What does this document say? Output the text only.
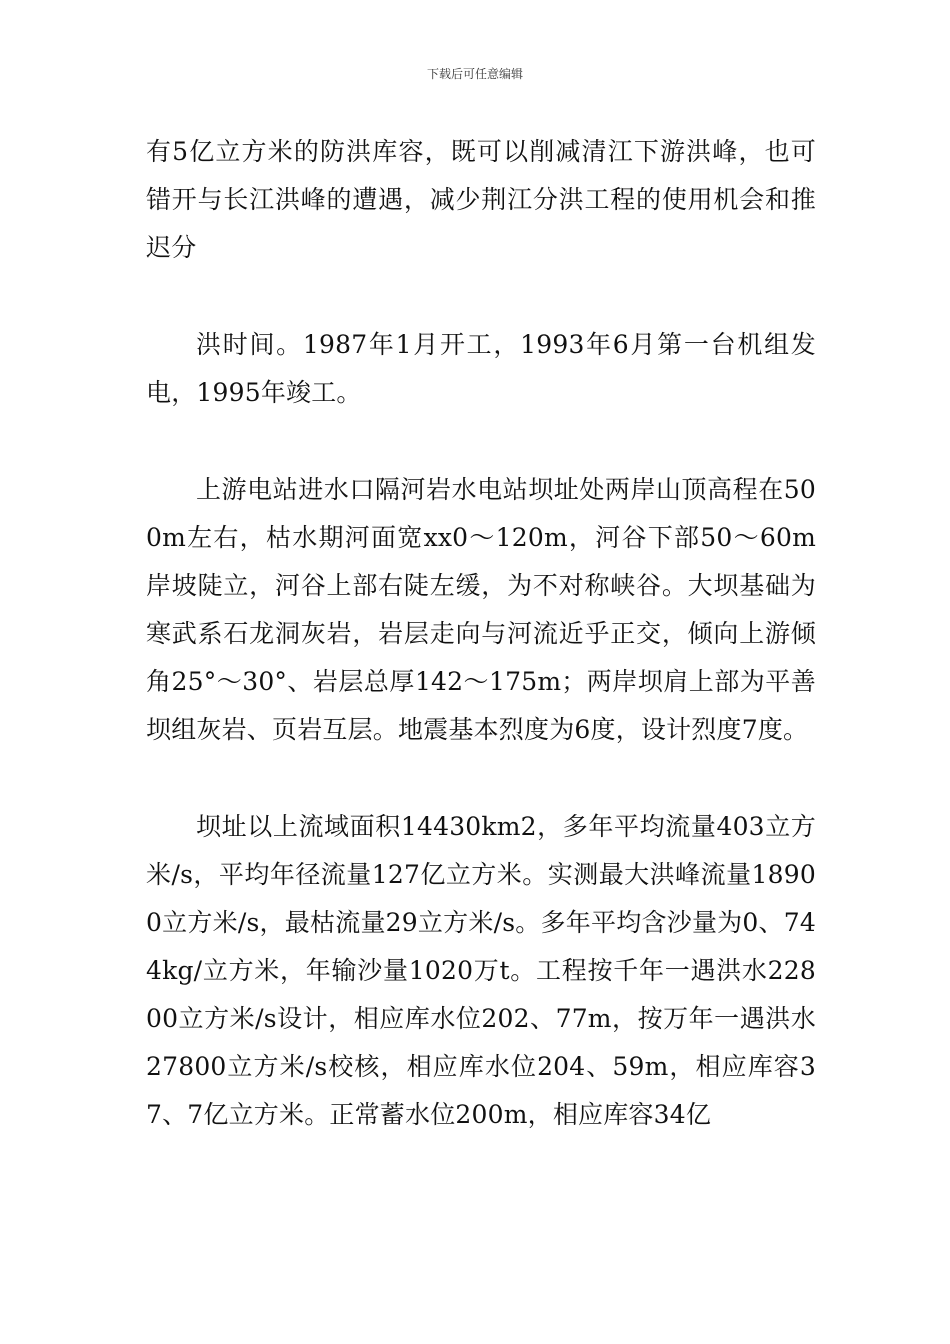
下载后可任意编辑

有5亿立方米的防洪库容，既可以削减清江下游洪峰，也可错开与长江洪峰的遭遇，减少荆江分洪工程的使用机会和推迟分

洪时间。1987年1月开工，1993年6月第一台机组发电，1995年竣工。

上游电站进水口隔河岩水电站坝址处两岸山顶高程在500m左右，枯水期河面宽xx0～120m，河谷下部50～60m岸坡陡立，河谷上部右陡左缓，为不对称峡谷。大坝基础为寒武系石龙洞灰岩，岩层走向与河流近乎正交，倾向上游倾角25°～30°、岩层总厚142～175m；两岸坝肩上部为平善坝组灰岩、页岩互层。地震基本烈度为6度，设计烈度7度。

坝址以上流域面积14430km2，多年平均流量403立方米/s，平均年径流量127亿立方米。实测最大洪峰流量18900立方米/s，最枯流量29立方米/s。多年平均含沙量为0、744kg/立方米，年输沙量1020万t。工程按千年一遇洪水22800立方米/s设计，相应库水位202、77m，按万年一遇洪水27800立方米/s校核，相应库水位204、59m，相应库容37、7亿立方米。正常蓄水位200m，相应库容34亿
